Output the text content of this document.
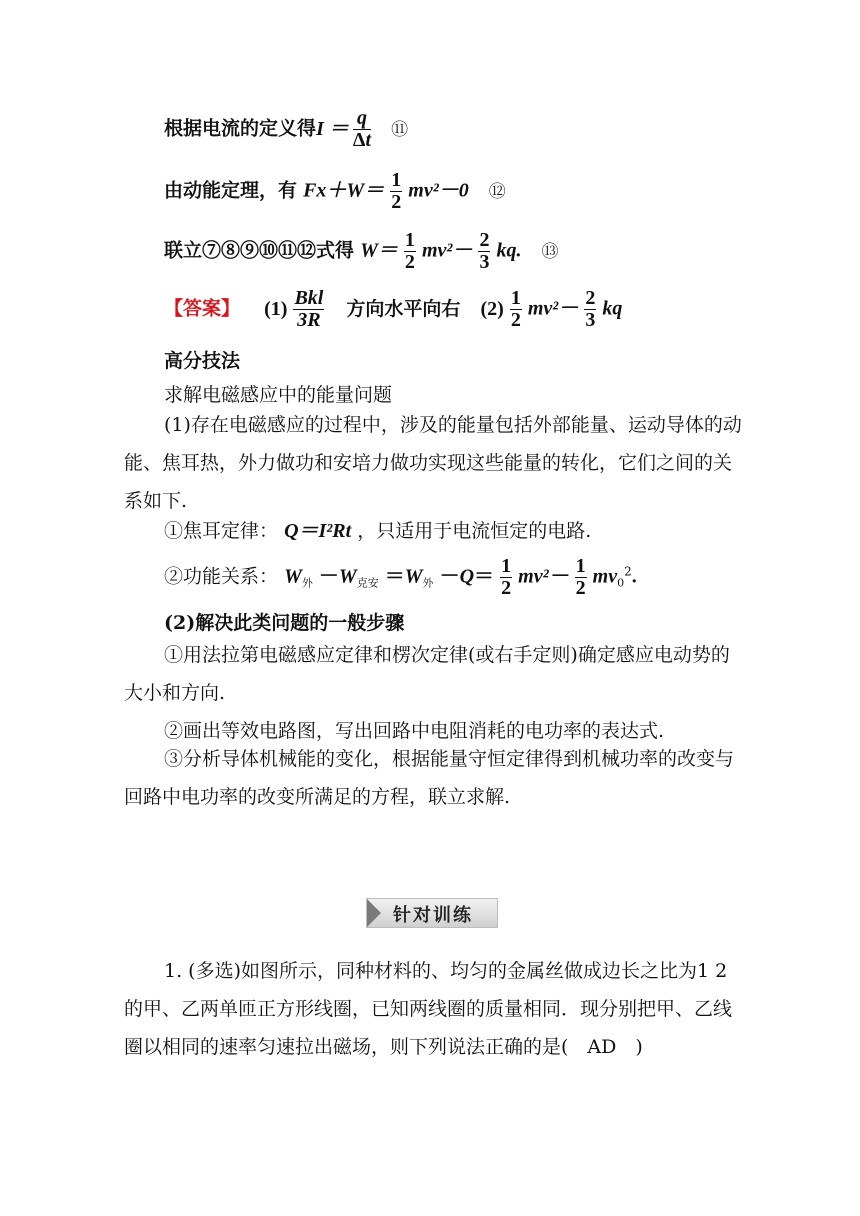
根据电流的定义得 I ＝
$\frac{q}{\Delta t}$ ⑪
由动能定理，有 $Fx+W= \frac{1}{2} mv^2-0$ ⑫
联立⑦⑧⑨⑩⑪⑫式得 $W= \frac{1}{2} mv^2- \frac{2}{3}$ kq. ⑬
【答案】 $(1) \frac{\text{Bkl}}{3R}$ 方向水平向右 $(2) \frac{1}{2} mv^2- \frac{2}{3}$ kq
高分技法
求解电磁感应中的能量问题
(1)存在电磁感应的过程中，涉及的能量包括外部能量、运动导体的动能、焦耳热，外力做功和安培力做功实现这些能量的转化，它们之间的关系如下.
①焦耳定律： Q＝I²Rt ，只适用于电流恒定的电路.
②功能关系： $W_外 -W_{克安} =W_外 -Q= \frac{1}{2} mv^2- \frac{1}{2} mv_0^2$.
(2)解决此类问题的一般步骤
①用法拉第电磁感应定律和楞次定律(或右手定则)确定感应电动势的大小和方向.
②画出等效电路图，写出回路中电阻消耗的电功率的表达式.
③分析导体机械能的变化，根据能量守恒定律得到机械功率的改变与回路中电功率的改变所满足的方程，联立求解.
针对训练
1. (多选)如图所示，同种材料的、均匀的金属丝做成边长之比为1 2的甲、乙两单匝正方形线圈，已知两线圈的质量相同．现分别把甲、乙线圈以相同的速率匀速拉出磁场，则下列说法正确的是(　AD　)
